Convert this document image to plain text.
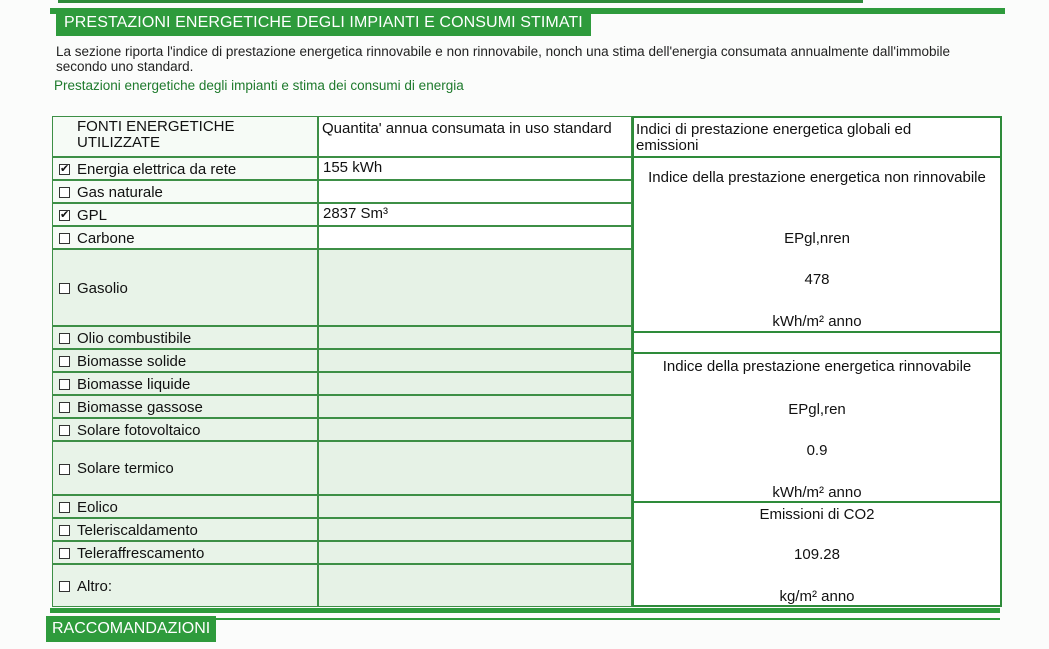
PRESTAZIONI ENERGETICHE DEGLI IMPIANTI E CONSUMI STIMATI
La sezione riporta l'indice di prestazione energetica rinnovabile e non rinnovabile, nonch una stima dell'energia consumata annualmente dall'immobile secondo uno standard.
Prestazioni energetiche degli impianti e stima dei consumi di energia
FONTI ENERGETICHE UTILIZZATE
Quantita' annua consumata in uso standard
✔ Energia elettrica da rete	155 kWh
Gas naturale
✔ GPL	2837 Sm³
Carbone
Gasolio
Olio combustibile
Biomasse solide
Biomasse liquide
Biomasse gassose
Solare fotovoltaico
Solare termico
Eolico
Teleriscaldamento
Teleraffrescamento
Altro:
Indici di prestazione energetica globali ed emissioni
Indice della prestazione energetica non rinnovabile
EPgl,nren
478
kWh/m² anno
Indice della prestazione energetica rinnovabile
EPgl,ren
0.9
kWh/m² anno
Emissioni di CO2
109.28
kg/m² anno
RACCOMANDAZIONI
